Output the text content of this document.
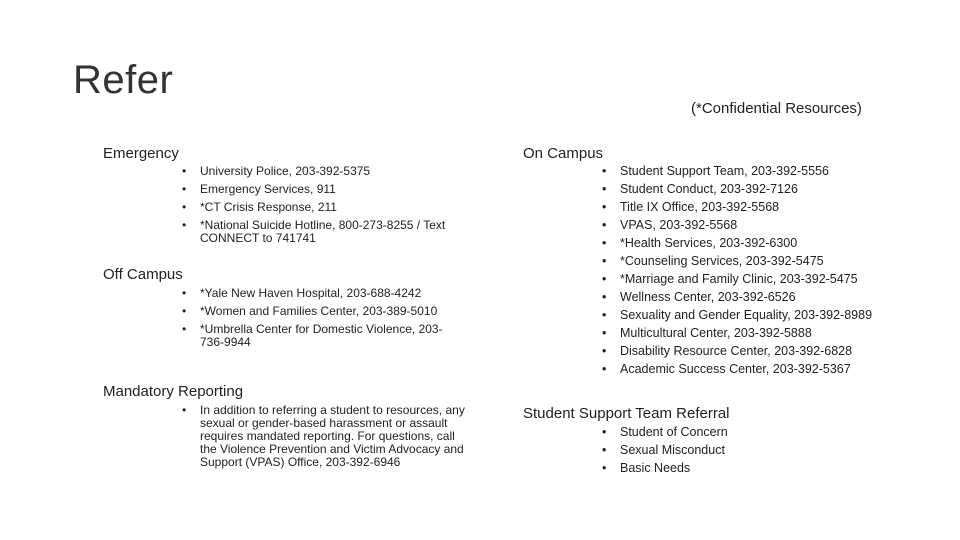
Refer
(*Confidential Resources)
Emergency
• University Police, 203-392-5375
• Emergency Services, 911
• *CT Crisis Response, 211
• *National Suicide Hotline, 800-273-8255 / Text CONNECT to 741741
Off Campus
• *Yale New Haven Hospital, 203-688-4242
• *Women and Families Center, 203-389-5010
• *Umbrella Center for Domestic Violence, 203-736-9944
Mandatory Reporting
• In addition to referring a student to resources, any sexual or gender-based harassment or assault requires mandated reporting. For questions, call the Violence Prevention and Victim Advocacy and Support (VPAS) Office, 203-392-6946
On Campus
• Student Support Team, 203-392-5556
• Student Conduct, 203-392-7126
• Title IX Office, 203-392-5568
• VPAS, 203-392-5568
• *Health Services, 203-392-6300
• *Counseling Services, 203-392-5475
• *Marriage and Family Clinic, 203-392-5475
• Wellness Center, 203-392-6526
• Sexuality and Gender Equality, 203-392-8989
• Multicultural Center, 203-392-5888
• Disability Resource Center, 203-392-6828
• Academic Success Center, 203-392-5367
Student Support Team Referral
• Student of Concern
• Sexual Misconduct
• Basic Needs
